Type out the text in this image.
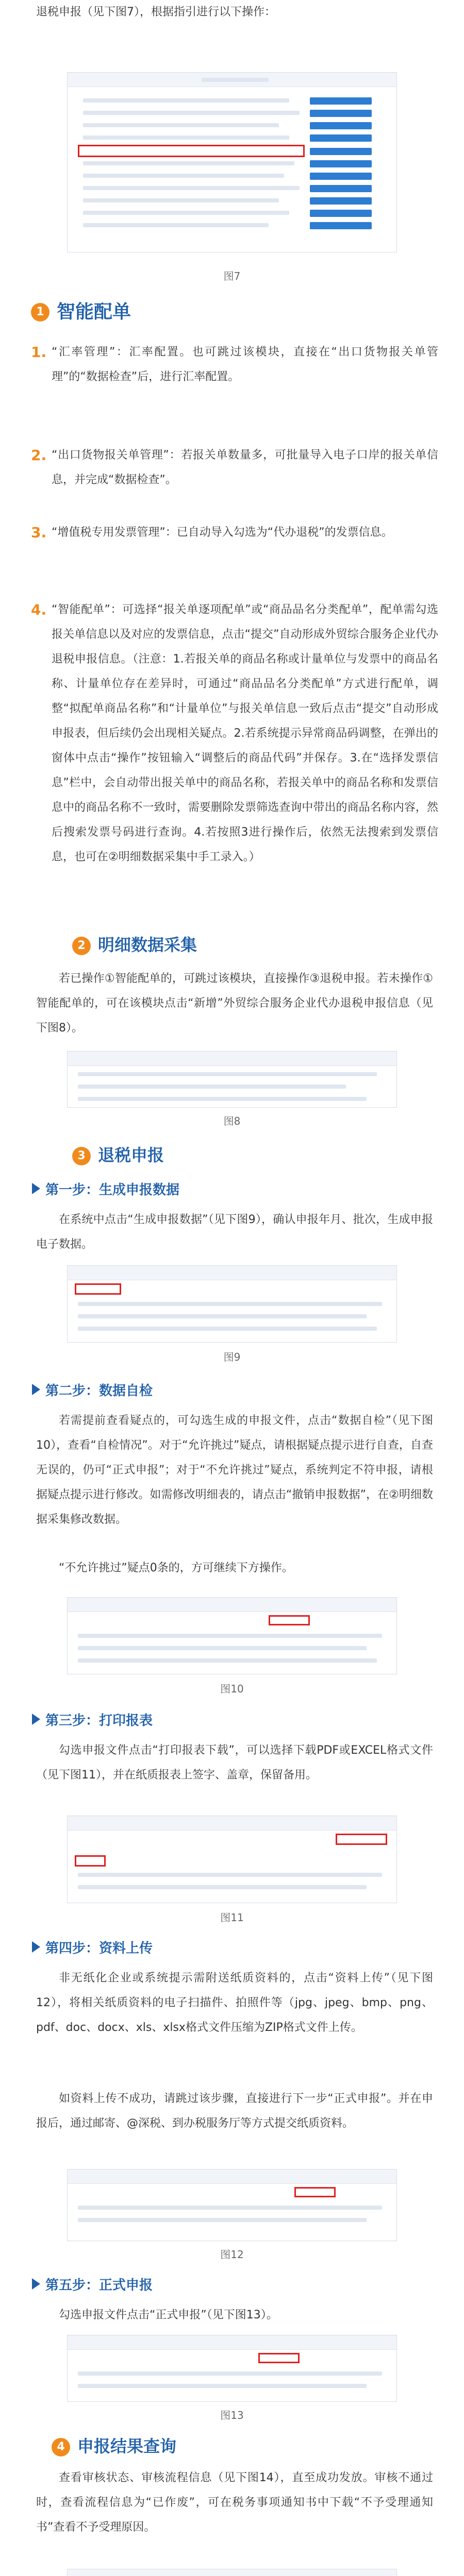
退税申报（见下图7），根据指引进行以下操作：
图7
1 智能配单
1. “汇率管理”：汇率配置。也可跳过该模块，直接在“出口货物报关单管理”的“数据检查”后，进行汇率配置。
2. “出口货物报关单管理”：若报关单数量多，可批量导入电子口岸的报关单信息，并完成“数据检查”。
3. “增值税专用发票管理”：已自动导入勾选为“代办退税”的发票信息。
4. “智能配单”：可选择“报关单逐项配单”或“商品品名分类配单”，配单需勾选报关单信息以及对应的发票信息，点击“提交”自动形成外贸综合服务企业代办退税申报信息。（注意：1.若报关单的商品名称或计量单位与发票中的商品名称、计量单位存在差异时，可通过“商品品名分类配单”方式进行配单，调整“拟配单商品名称”和“计量单位”与报关单信息一致后点击“提交”自动形成申报表，但后续仍会出现相关疑点。2.若系统提示异常商品码调整，在弹出的窗体中点击“操作”按钮输入“调整后的商品代码”并保存。3.在“选择发票信息”栏中，会自动带出报关单中的商品名称，若报关单中的商品名称和发票信息中的商品名称不一致时，需要删除发票筛选查询中带出的商品名称内容，然后搜索发票号码进行查询。4.若按照3进行操作后，依然无法搜索到发票信息，也可在②明细数据采集中手工录入。）
2 明细数据采集
若已操作①智能配单的，可跳过该模块，直接操作③退税申报。若未操作①智能配单的，可在该模块点击“新增”外贸综合服务企业代办退税申报信息（见下图8）。
图8
3 退税申报
第一步：生成申报数据
在系统中点击“生成申报数据”（见下图9），确认申报年月、批次，生成申报电子数据。
图9
第二步：数据自检
若需提前查看疑点的，可勾选生成的申报文件，点击“数据自检”（见下图10），查看“自检情况”。对于“允许挑过”疑点，请根据疑点提示进行自查，自查无误的，仍可“正式申报”；对于“不允许挑过”疑点，系统判定不符申报，请根据疑点提示进行修改。如需修改明细表的，请点击“撤销申报数据”，在②明细数据采集修改数据。
“不允许挑过”疑点0条的，方可继续下方操作。
图10
第三步：打印报表
勾选申报文件点击“打印报表下载”，可以选择下载PDF或EXCEL格式文件（见下图11），并在纸质报表上签字、盖章，保留备用。
图11
第四步：资料上传
非无纸化企业或系统提示需附送纸质资料的，点击“资料上传”（见下图12），将相关纸质资料的电子扫描件、拍照件等（jpg、jpeg、bmp、png、pdf、doc、docx、xls、xlsx格式文件压缩为ZIP格式文件上传。
如资料上传不成功，请跳过该步骤，直接进行下一步“正式申报”。并在申报后，通过邮寄、@深税、到办税服务厅等方式提交纸质资料。
图12
第五步：正式申报
勾选申报文件点击“正式申报”（见下图13）。
图13
4 申报结果查询
查看审核状态、审核流程信息（见下图14），直至成功发放。审核不通过时，查看流程信息为“已作废”，可在税务事项通知书中下载“不予受理通知书”查看不予受理原因。
